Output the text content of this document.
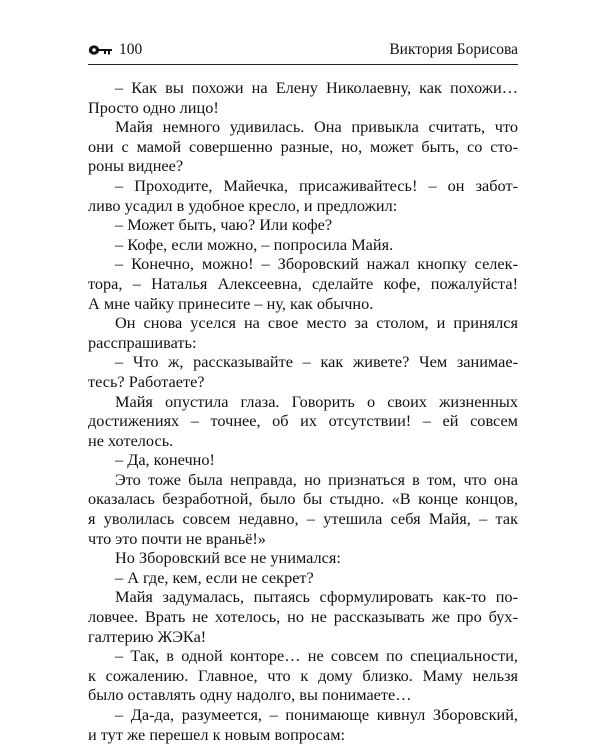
100	Виктория Борисова
– Как вы похожи на Елену Николаевну, как похожи…
Просто одно лицо!
Майя немного удивилась. Она привыкла считать, что
они с мамой совершенно разные, но, может быть, со сто-
роны виднее?
– Проходите, Майечка, присаживайтесь! – он забот-
ливо усадил в удобное кресло, и предложил:
– Может быть, чаю? Или кофе?
– Кофе, если можно, – попросила Майя.
– Конечно, можно! – Зборовский нажал кнопку селек-
тора, – Наталья Алексеевна, сделайте кофе, пожалуйста!
А мне чайку принесите – ну, как обычно.
Он снова уселся на свое место за столом, и принялся
расспрашивать:
– Что ж, рассказывайте – как живете? Чем занимае-
тесь? Работаете?
Майя опустила глаза. Говорить о своих жизненных
достижениях – точнее, об их отсутствии! – ей совсем
не хотелось.
– Да, конечно!
Это тоже была неправда, но признаться в том, что она
оказалась безработной, было бы стыдно. «В конце концов,
я уволилась совсем недавно, – утешила себя Майя, – так
что это почти не враньё!»
Но Зборовский все не унимался:
– А где, кем, если не секрет?
Майя задумалась, пытаясь сформулировать как-то по-
ловчее. Врать не хотелось, но не рассказывать же про бух-
галтерию ЖЭКа!
– Так, в одной конторе… не совсем по специальности,
к сожалению. Главное, что к дому близко. Маму нельзя
было оставлять одну надолго, вы понимаете…
– Да-да, разумеется, – понимающе кивнул Зборовский,
и тут же перешел к новым вопросам:
